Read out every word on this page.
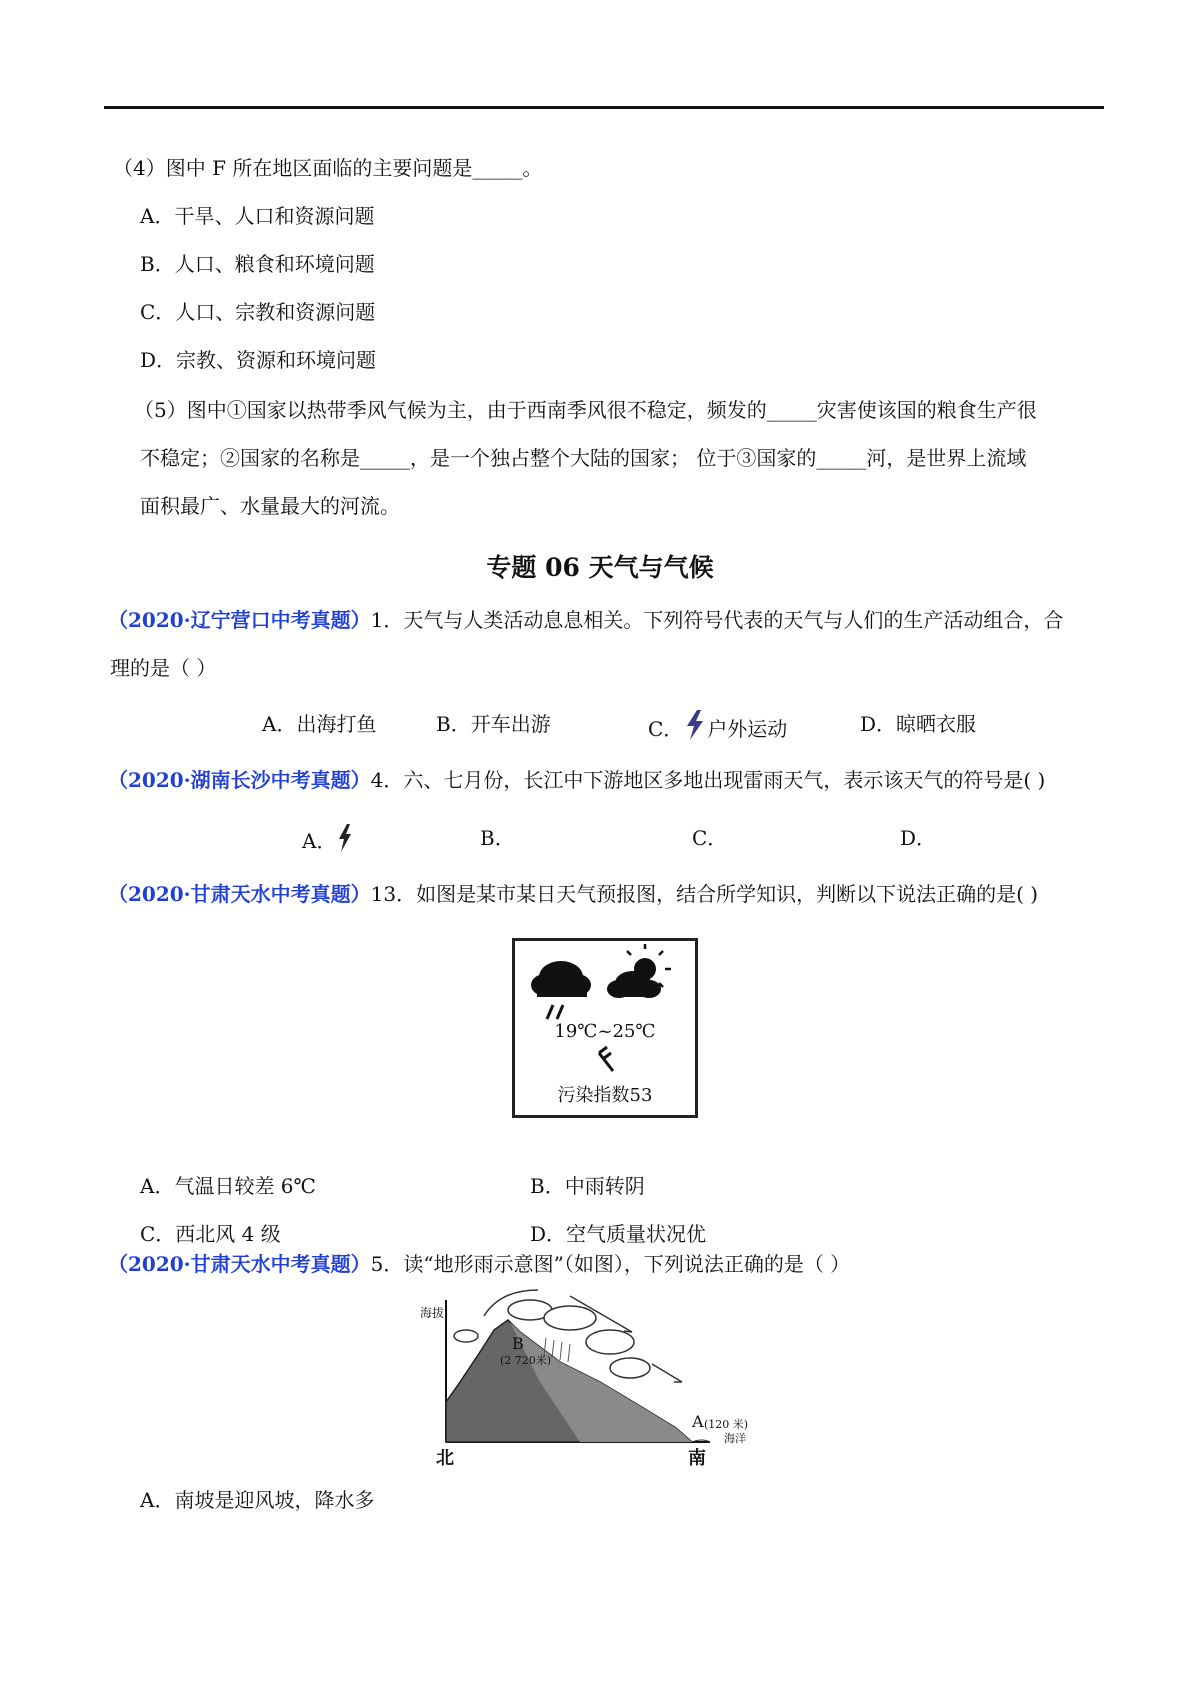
（4）图中 F 所在地区面临的主要问题是_____。
A．干旱、人口和资源问题
B．人口、粮食和环境问题
C．人口、宗教和资源问题
D．宗教、资源和环境问题
（5）图中①国家以热带季风气候为主，由于西南季风很不稳定，频发的_____灾害使该国的粮食生产很
不稳定；②国家的名称是_____，是一个独占整个大陆的国家； 位于③国家的_____河，是世界上流域
面积最广、水量最大的河流。
专题 06 天气与气候
（2020·辽宁营口中考真题）1．天气与人类活动息息相关。下列符号代表的天气与人们的生产活动组合，合
理的是（ ）
A．出海打鱼	B．开车出游	C． 户外运动	D．晾晒衣服
（2020·湖南长沙中考真题）4．六、七月份，长江中下游地区多地出现雷雨天气，表示该天气的符号是( )
A．	B．	C．	D．
（2020·甘肃天水中考真题）13．如图是某市某日天气预报图，结合所学知识，判断以下说法正确的是( )
19℃~25℃
污染指数53
A．气温日较差 6℃	B．中雨转阴
C．西北风 4 级	D．空气质量状况优
（2020·甘肃天水中考真题）5．读“地形雨示意图”（如图），下列说法正确的是（ ）
海拔
B
(2 720米)
A (120 米)
海洋
北	南
A．南坡是迎风坡，降水多
